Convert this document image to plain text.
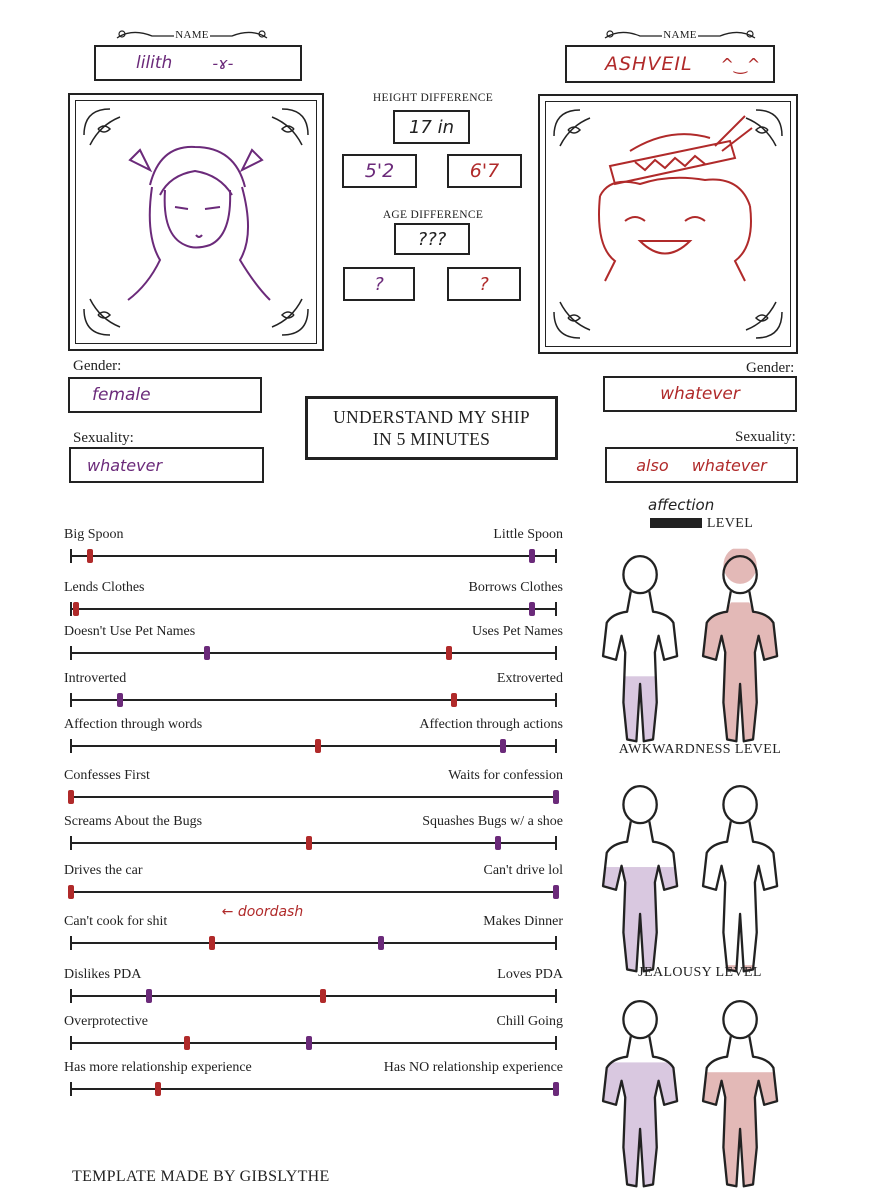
NAME
lilith	-ɤ-
NAME
ASHVEIL ^‿^
HEIGHT DIFFERENCE
17 in
5'2	6'7
AGE DIFFERENCE
???
?	?
Gender:
female
Sexuality:
whatever
Gender:
whatever
Sexuality:
also whatever
UNDERSTAND MY SHIP
IN 5 MINUTES
Big Spoon	Little Spoon
Lends Clothes	Borrows Clothes
Doesn't Use Pet Names	Uses Pet Names
Introverted	Extroverted
Affection through words	Affection through actions
Confesses First	Waits for confession
Screams About the Bugs	Squashes Bugs w/ a shoe
Drives the car	Can't drive lol
Can't cook for shit	Makes Dinner
← doordash
Dislikes PDA	Loves PDA
Overprotective	Chill Going
Has more relationship experience	Has NO relationship experience
LEVEL
affection
AWKWARDNESS LEVEL
JEALOUSY LEVEL
TEMPLATE MADE BY GIBSLYTHE
